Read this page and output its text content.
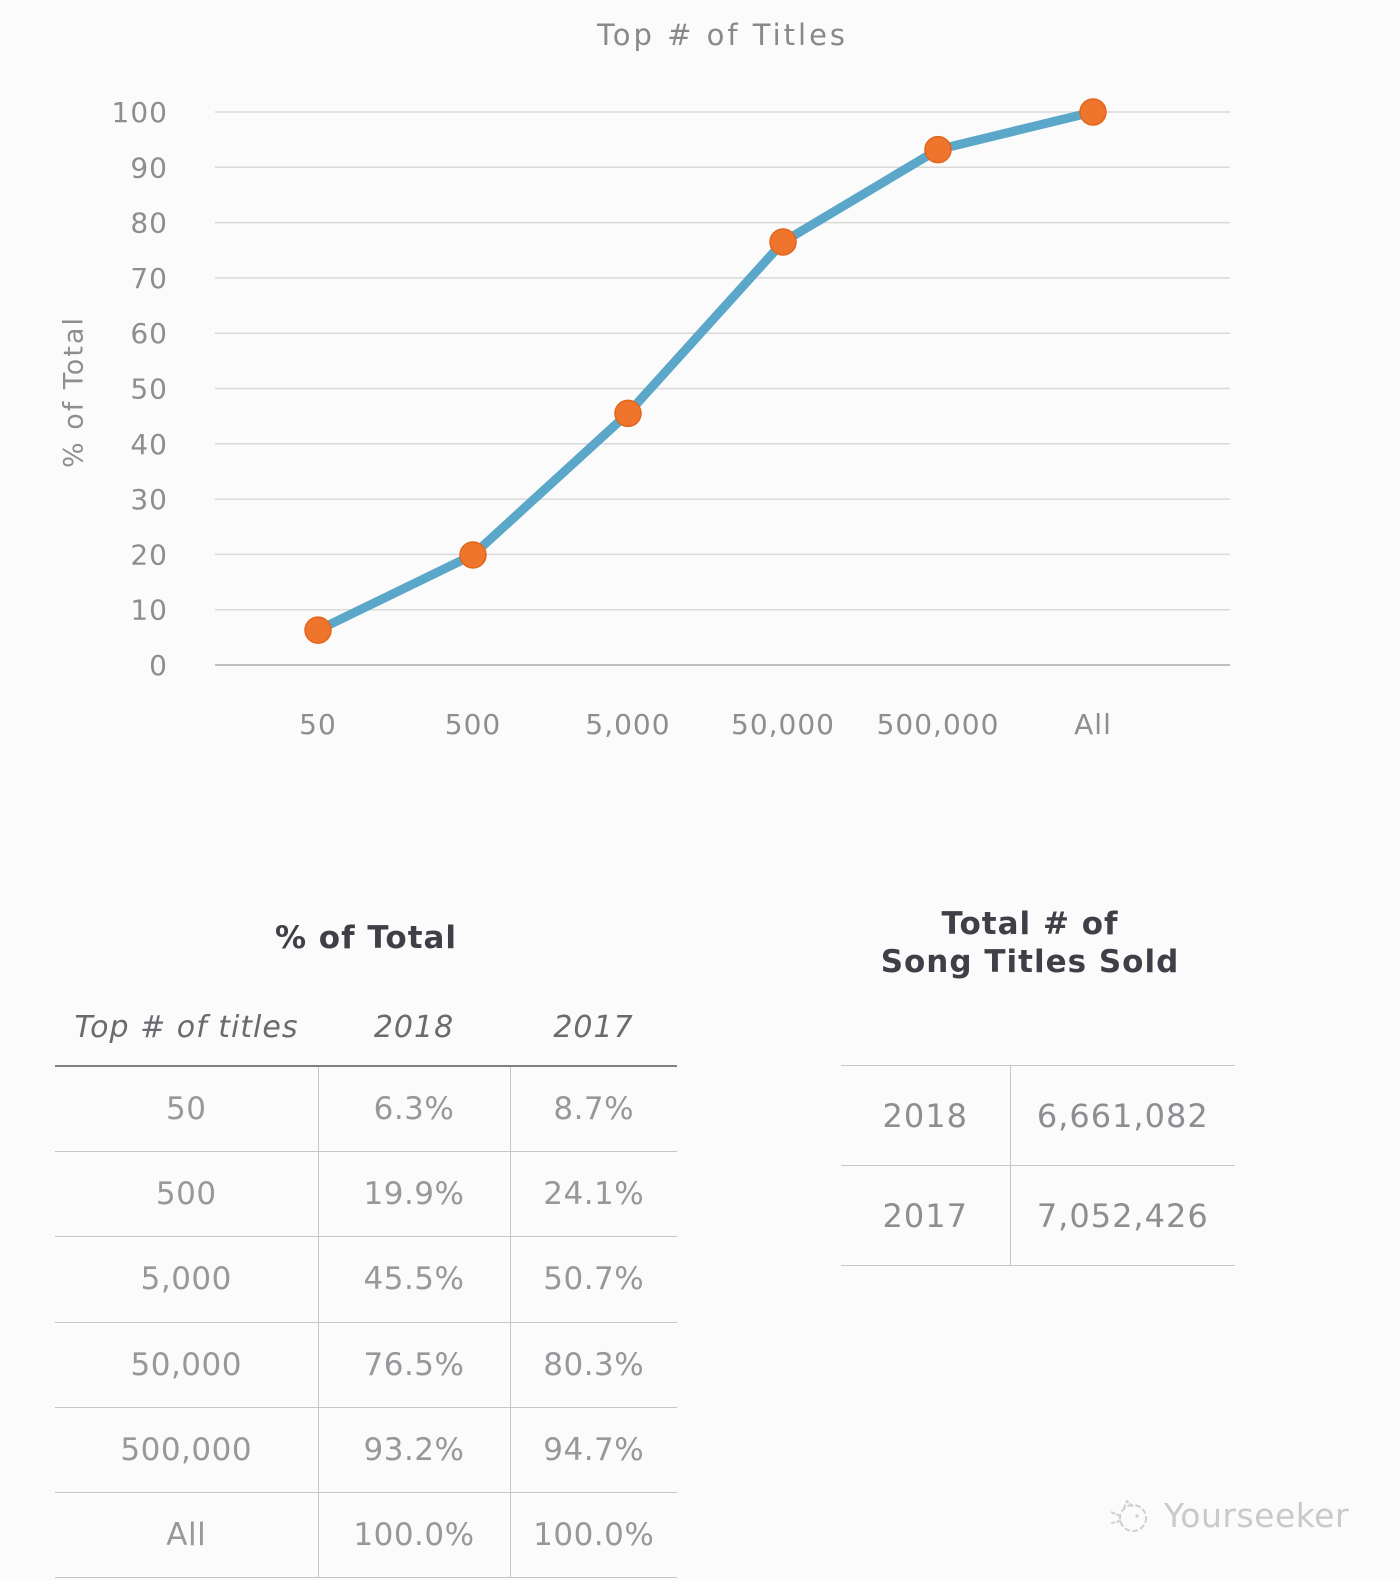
Top # of Titles
% of Total
0
10
20
30
40
50
60
70
80
90
100
50	500	5,000 50,000 500,000	All
% of Total
Top # of titles	2018	2017
50	6.3%	8.7%
500	19.9%	24.1%
5,000	45.5%	50.7%
50,000	76.5%	80.3%
500,000	93.2%	94.7%
All	100.0%	100.0%
Total # of
Song Titles Sold
2018	6,661,082
2017	7,052,426
Yourseeker
